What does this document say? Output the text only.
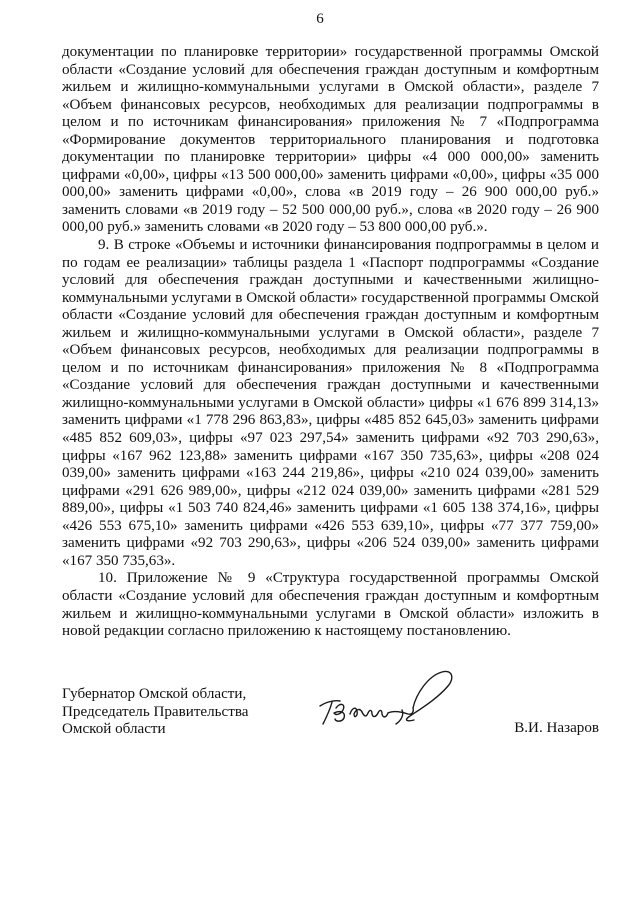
6

документации по планировке территории» государственной программы Омской области «Создание условий для обеспечения граждан доступным и комфортным жильем и жилищно-коммунальными услугами в Омской области», разделе 7 «Объем финансовых ресурсов, необходимых для реализации подпрограммы в целом и по источникам финансирования» приложения № 7 «Подпрограмма «Формирование документов территориального планирования и подготовка документации по планировке территории» цифры «4 000 000,00» заменить цифрами «0,00», цифры «13 500 000,00» заменить цифрами «0,00», цифры «35 000 000,00» заменить цифрами «0,00», слова «в 2019 году – 26 900 000,00 руб.» заменить словами «в 2019 году – 52 500 000,00 руб.», слова «в 2020 году – 26 900 000,00 руб.» заменить словами «в 2020 году – 53 800 000,00 руб.».

9. В строке «Объемы и источники финансирования подпрограммы в целом и по годам ее реализации» таблицы раздела 1 «Паспорт подпрограммы «Создание условий для обеспечения граждан доступными и качественными жилищно-коммунальными услугами в Омской области» государственной программы Омской области «Создание условий для обеспечения граждан доступным и комфортным жильем и жилищно-коммунальными услугами в Омской области», разделе 7 «Объем финансовых ресурсов, необходимых для реализации подпрограммы в целом и по источникам финансирования» приложения № 8 «Подпрограмма «Создание условий для обеспечения граждан доступными и качественными жилищно-коммунальными услугами в Омской области» цифры «1 676 899 314,13» заменить цифрами «1 778 296 863,83», цифры «485 852 645,03» заменить цифрами «485 852 609,03», цифры «97 023 297,54» заменить цифрами «92 703 290,63», цифры «167 962 123,88» заменить цифрами «167 350 735,63», цифры «208 024 039,00» заменить цифрами «163 244 219,86», цифры «210 024 039,00» заменить цифрами «291 626 989,00», цифры «212 024 039,00» заменить цифрами «281 529 889,00», цифры «1 503 740 824,46» заменить цифрами «1 605 138 374,16», цифры «426 553 675,10» заменить цифрами «426 553 639,10», цифры «77 377 759,00» заменить цифрами «92 703 290,63», цифры «206 524 039,00» заменить цифрами «167 350 735,63».

10. Приложение № 9 «Структура государственной программы Омской области «Создание условий для обеспечения граждан доступным и комфортным жильем и жилищно-коммунальными услугами в Омской области» изложить в новой редакции согласно приложению к настоящему постановлению.

Губернатор Омской области,
Председатель Правительства
Омской области	В.И. Назаров
